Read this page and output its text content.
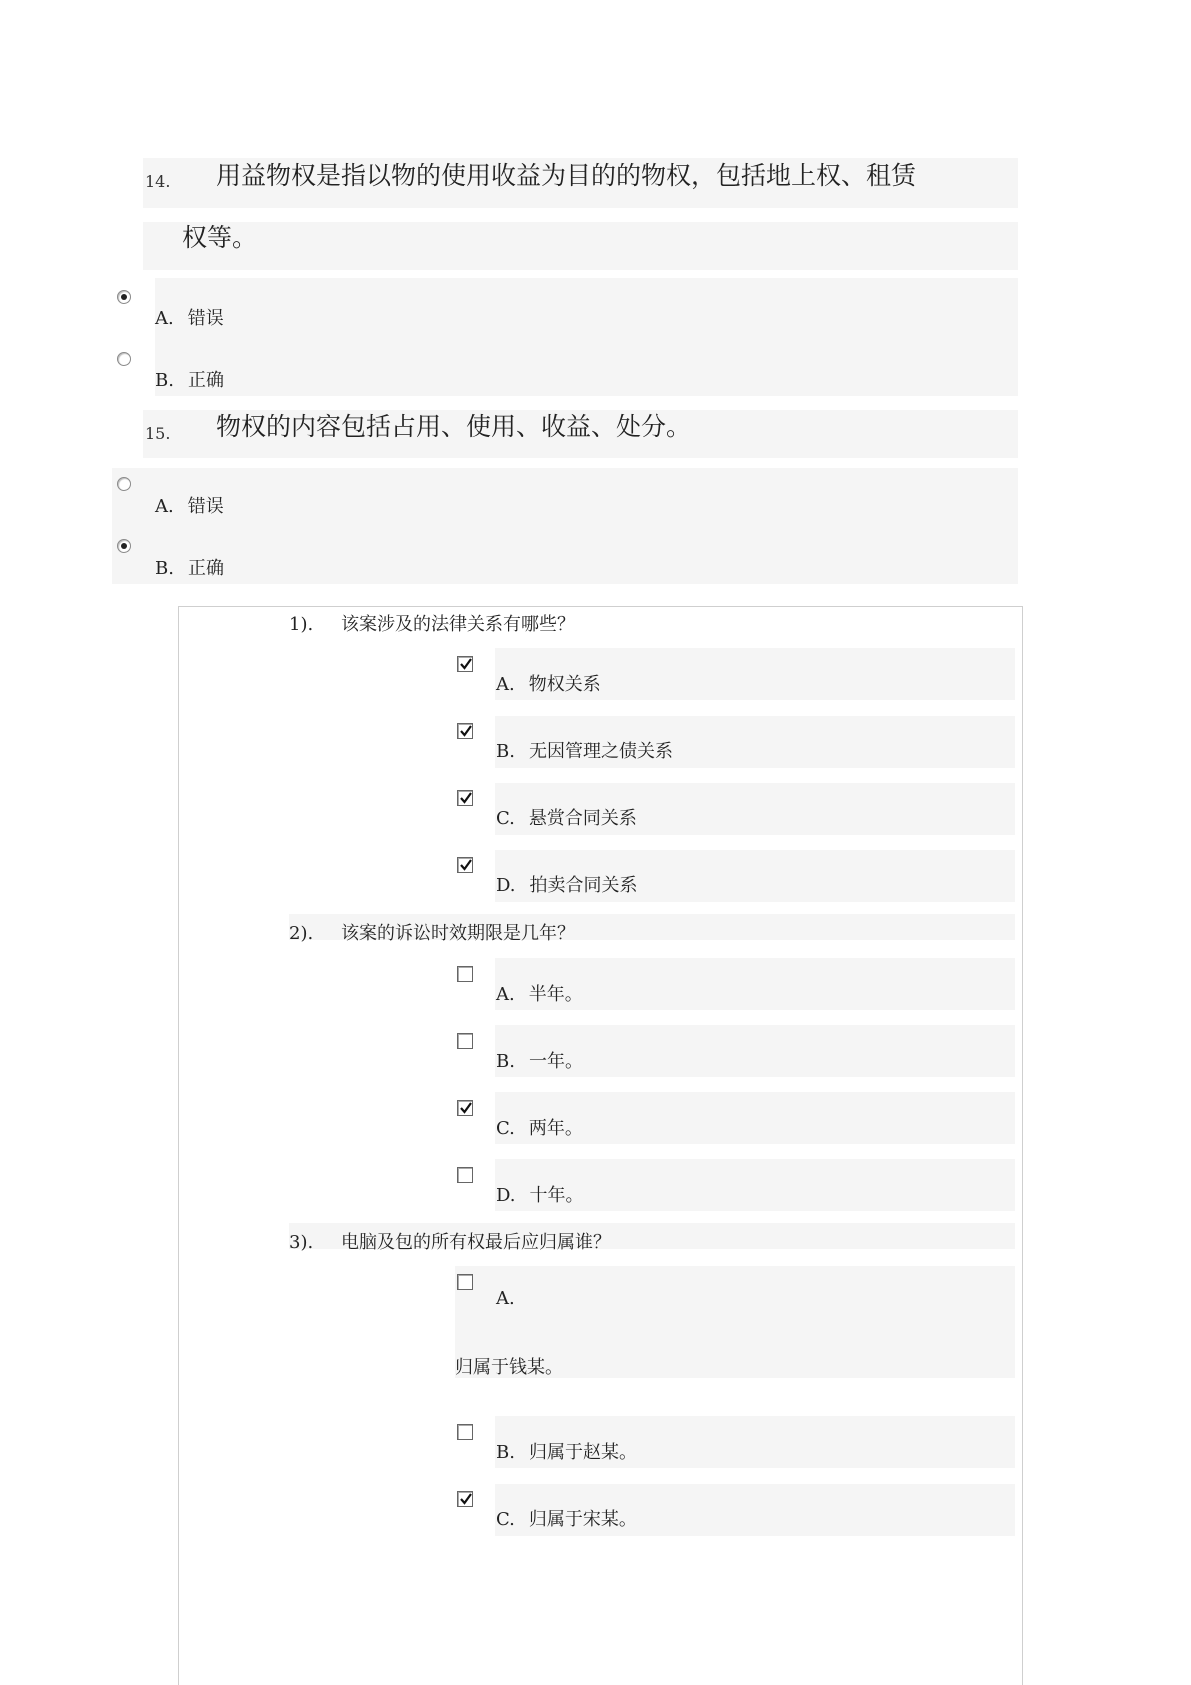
14. 用益物权是指以物的使用收益为目的的物权，包括地上权、租赁
权等。
A. 错误
B. 正确
15. 物权的内容包括占用、使用、收益、处分。
A. 错误
B. 正确
1). 该案涉及的法律关系有哪些？
A. 物权关系
B. 无因管理之债关系
C. 悬赏合同关系
D. 拍卖合同关系
2). 该案的诉讼时效期限是几年？
A. 半年。
B. 一年。
C. 两年。
D. 十年。
3). 电脑及包的所有权最后应归属谁？
A.
归属于钱某。
B. 归属于赵某。
C. 归属于宋某。
